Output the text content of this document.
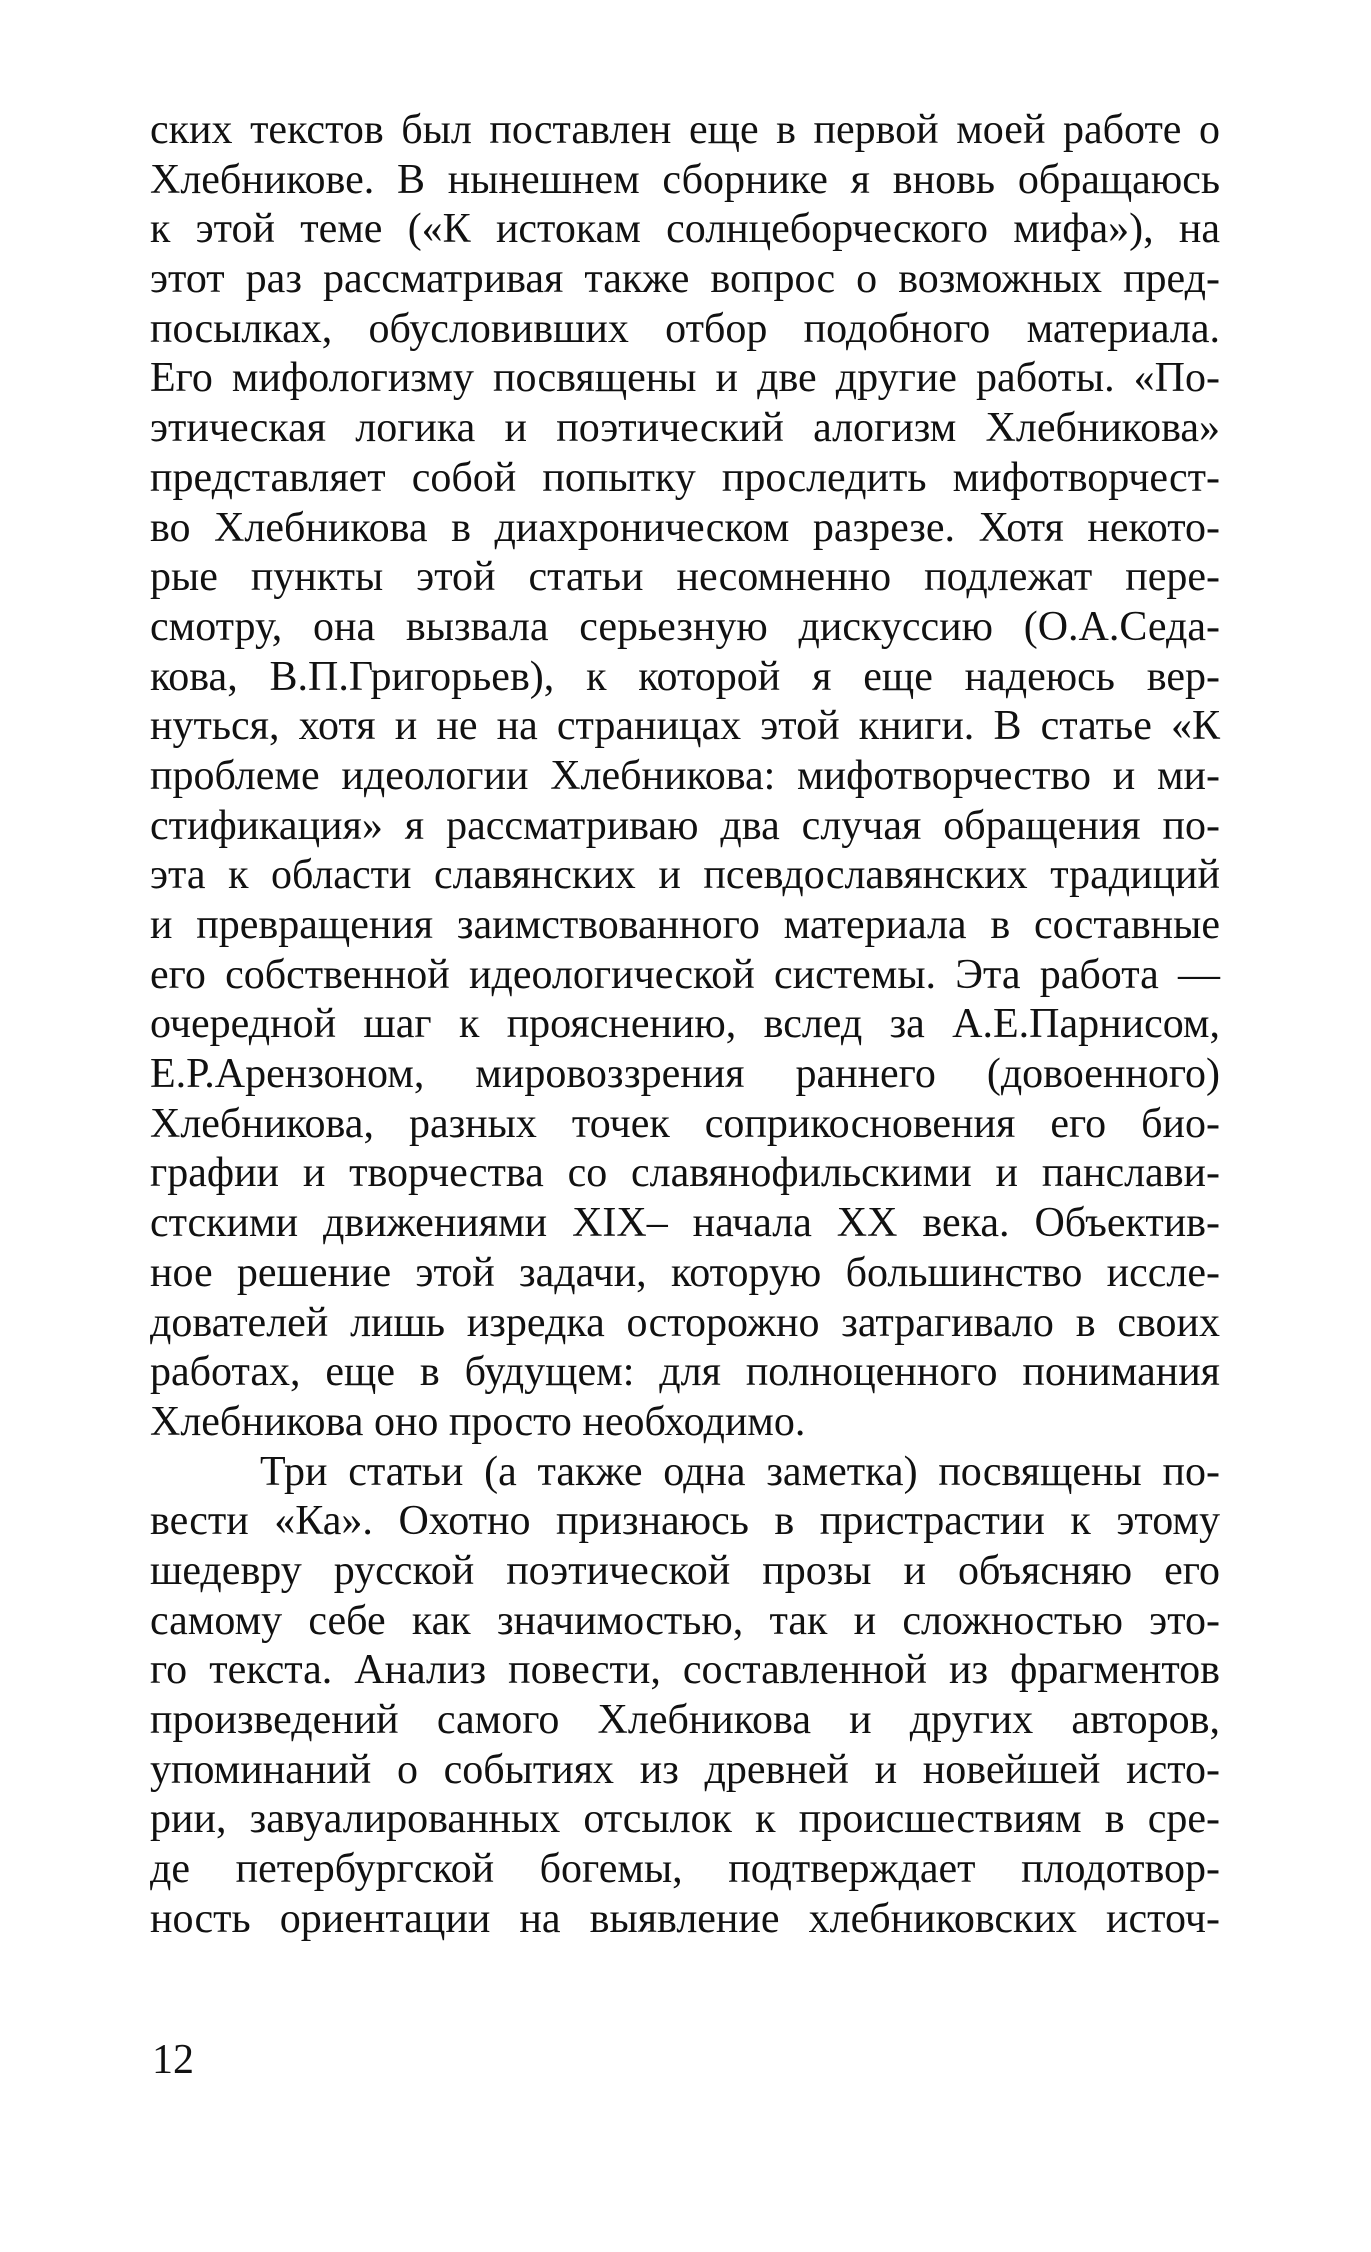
ских текстов был поставлен еще в первой моей работе о
Хлебникове. В нынешнем сборнике я вновь обращаюсь
к этой теме («К истокам солнцеборческого мифа»), на
этот раз рассматривая также вопрос о возможных пред-
посылках, обусловивших отбор подобного материала.
Его мифологизму посвящены и две другие работы. «По-
этическая логика и поэтический алогизм Хлебникова»
представляет собой попытку проследить мифотворчест-
во Хлебникова в диахроническом разрезе. Хотя некото-
рые пункты этой статьи несомненно подлежат пере-
смотру, она вызвала серьезную дискуссию (О.А.Седа-
кова, В.П.Григорьев), к которой я еще надеюсь вер-
нуться, хотя и не на страницах этой книги. В статье «К
проблеме идеологии Хлебникова: мифотворчество и ми-
стификация» я рассматриваю два случая обращения по-
эта к области славянских и псевдославянских традиций
и превращения заимствованного материала в составные
его собственной идеологической системы. Эта работа —
очередной шаг к прояснению, вслед за А.Е.Парнисом,
Е.Р.Арензоном, мировоззрения раннего (довоенного)
Хлебникова, разных точек соприкосновения его био-
графии и творчества со славянофильскими и панслави-
стскими движениями XIX– начала XX века. Объектив-
ное решение этой задачи, которую большинство иссле-
дователей лишь изредка осторожно затрагивало в своих
работах, еще в будущем: для полноценного понимания
Хлебникова оно просто необходимо.
Три статьи (а также одна заметка) посвящены по-
вести «Ка». Охотно признаюсь в пристрастии к этому
шедевру русской поэтической прозы и объясняю его
самому себе как значимостью, так и сложностью это-
го текста. Анализ повести, составленной из фрагментов
произведений самого Хлебникова и других авторов,
упоминаний о событиях из древней и новейшей исто-
рии, завуалированных отсылок к происшествиям в сре-
де петербургской богемы, подтверждает плодотвор-
ность ориентации на выявление хлебниковских источ-
12
